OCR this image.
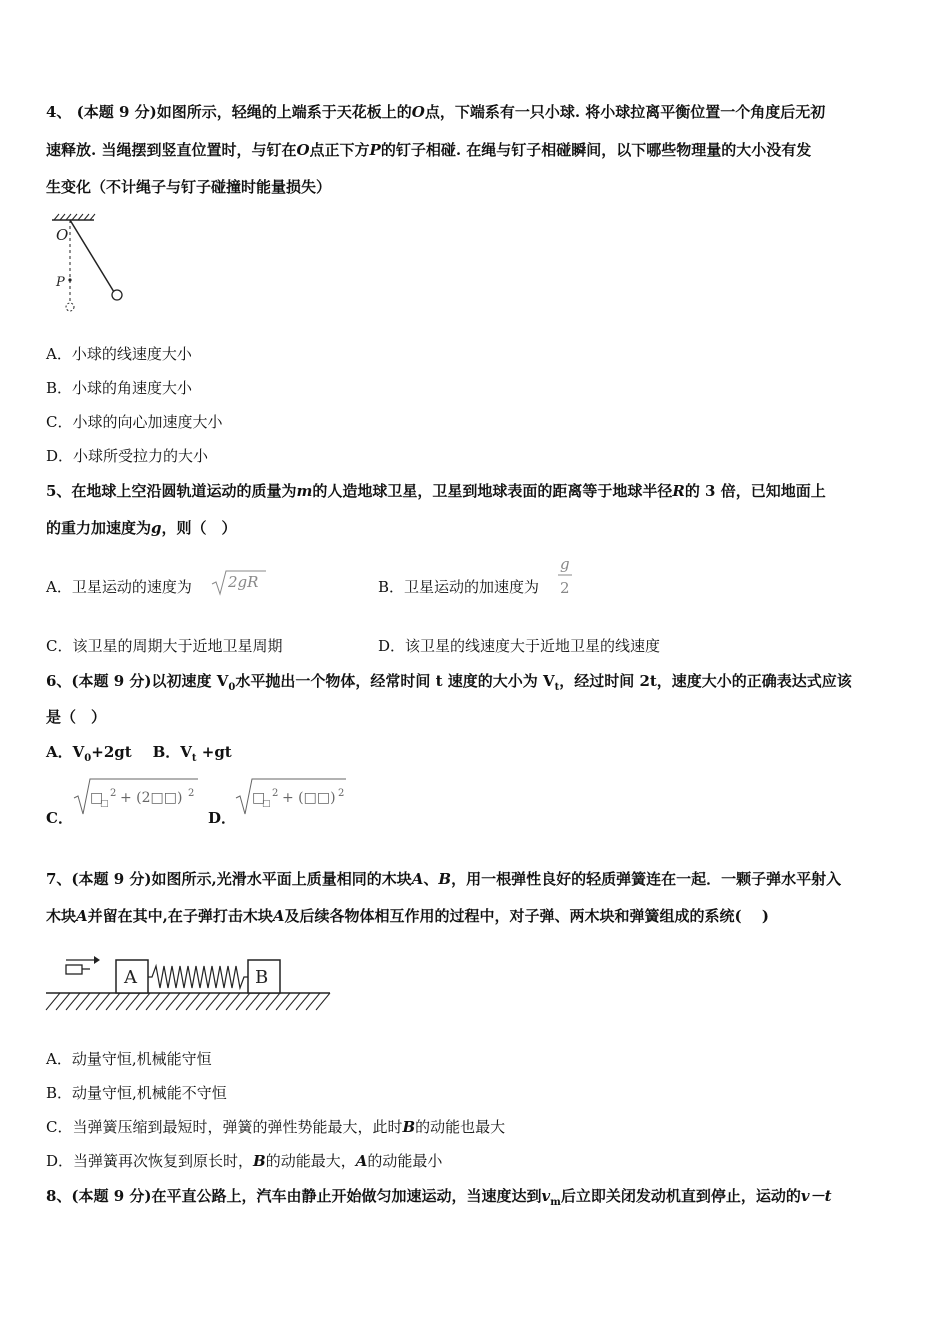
4、 (本题 9 分)如图所示，轻绳的上端系于天花板上的O点，下端系有一只小球. 将小球拉离平衡位置一个角度后无初
速释放. 当绳摆到竖直位置时，与钉在O点正下方P的钉子相碰. 在绳与钉子相碰瞬间，以下哪些物理量的大小没有发
生变化（不计绳子与钉子碰撞时能量损失）
O
P
A．小球的线速度大小
B．小球的角速度大小
C．小球的向心加速度大小
D．小球所受拉力的大小
5、在地球上空沿圆轨道运动的质量为m的人造地球卫星，卫星到地球表面的距离等于地球半径R的 3 倍，已知地面上
的重力加速度为g，则（　）
A．卫星运动的速度为 2gR	B．卫星运动的加速度为
g
2
C．该卫星的周期大于近地卫星周期	D．该卫星的线速度大于近地卫星的线速度
6、(本题 9 分)以初速度 $V_0$水平抛出一个物体，经常时间 t 速度的大小为 $V_t$，经过时间 2t，速度大小的正确表达式应该
是（　）
A．$V_0+2gt$ B．$V_t +gt$
C．
□
□
2 + (2□□) 2
D．
□
□
2 + (□□) 2
7、(本题 9 分)如图所示,光滑水平面上质量相同的木块A、B，用一根弹性良好的轻质弹簧连在一起．一颗子弹水平射入
木块A并留在其中,在子弹打击木块A及后续各物体相互作用的过程中，对子弹、两木块和弹簧组成的系统(　 )
A	B
A．动量守恒,机械能守恒
B．动量守恒,机械能不守恒
C．当弹簧压缩到最短时，弹簧的弹性势能最大，此时B的动能也最大
D．当弹簧再次恢复到原长时，B的动能最大，A的动能最小
8、(本题 9 分)在平直公路上，汽车由静止开始做匀加速运动，当速度达到$v_m$后立即关闭发动机直到停止，运动的v－t
